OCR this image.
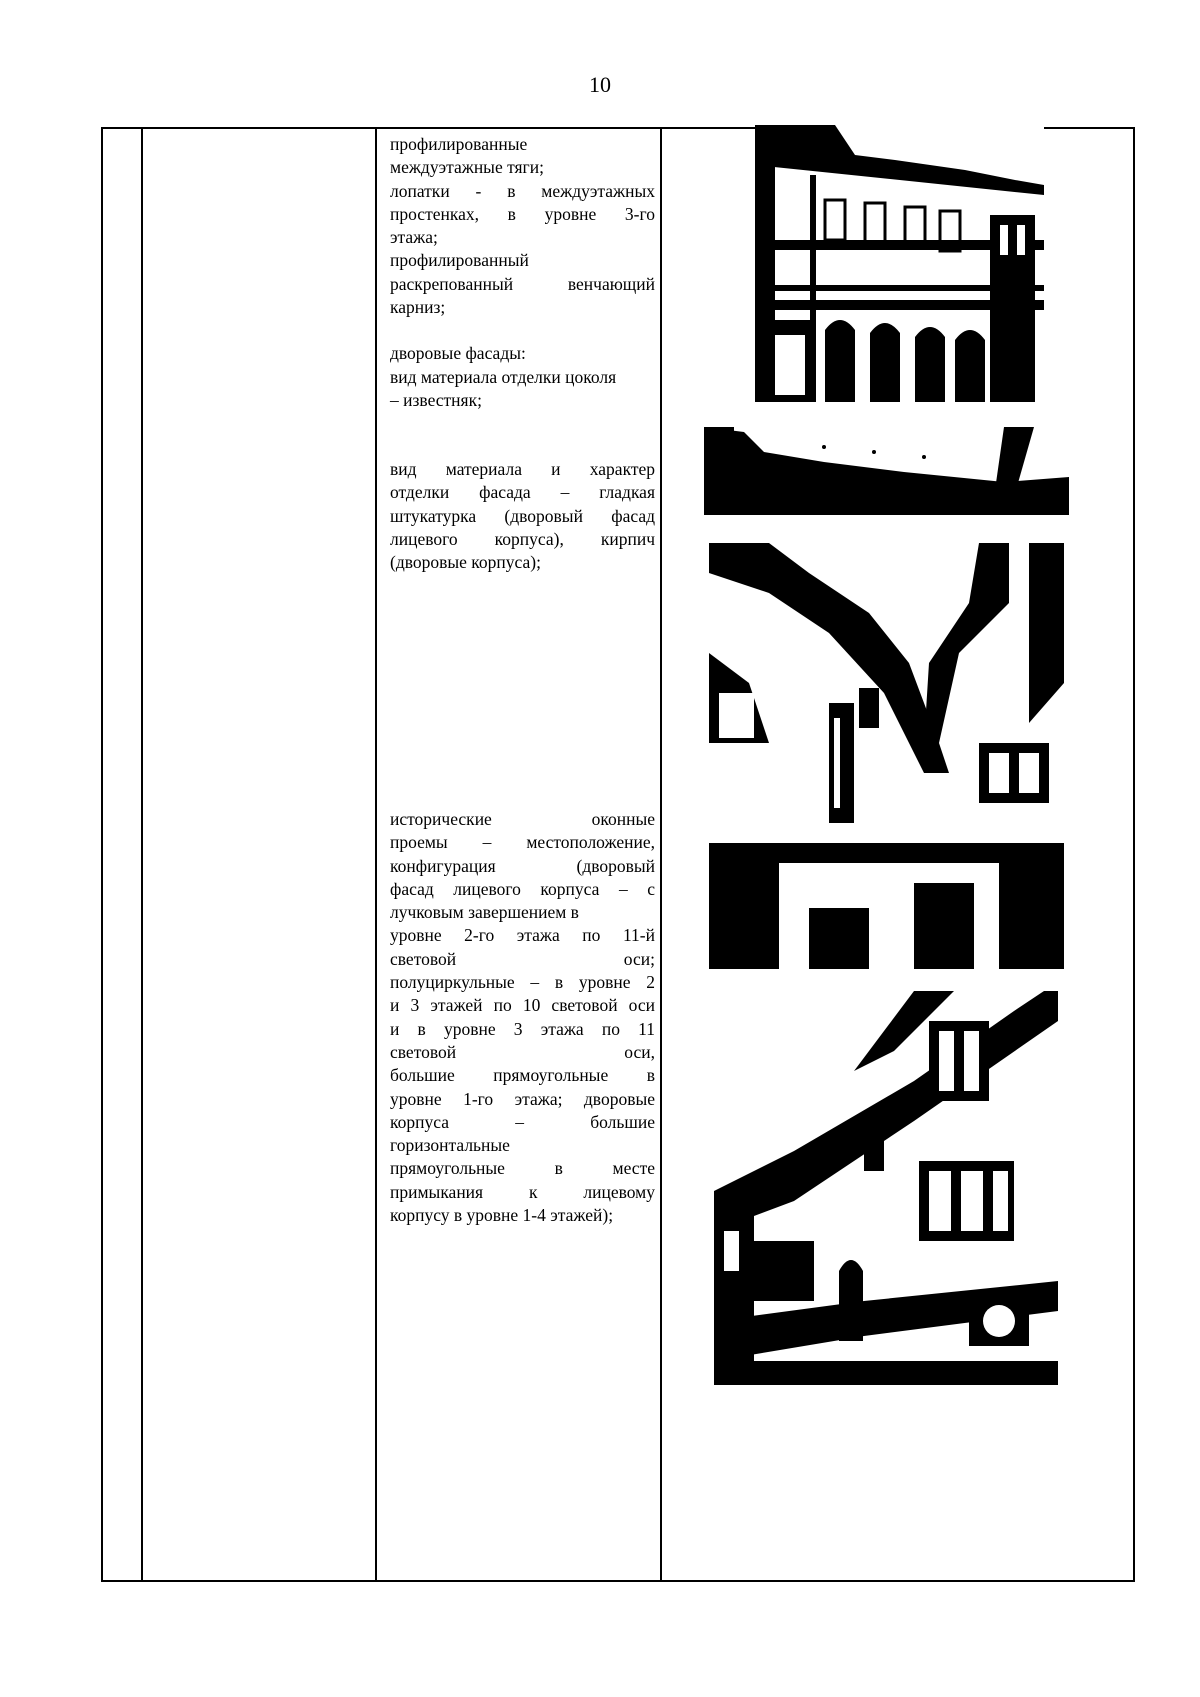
10

профилированные

междуэтажные тяги;

лопатки - в междуэтажных

простенках, в уровне 3-го

этажа;

профилированный

раскрепованный венчающий

карниз;

дворовые фасады:

вид материала отделки цоколя

– известняк;

вид материала и характер

отделки фасада – гладкая

штукатурка (дворовый фасад

лицевого корпуса), кирпич

(дворовые корпуса);

исторические оконные

проемы – местоположение,

конфигурация (дворовый

фасад лицевого корпуса – с

лучковым завершением в

уровне 2-го этажа по 11-й

световой оси;

полуциркульные – в уровне 2

и 3 этажей по 10 световой оси

и в уровне 3 этажа по 11

световой оси,

большие прямоугольные в

уровне 1-го этажа; дворовые

корпуса – большие

горизонтальные

прямоугольные в месте

примыкания к лицевому

корпусу в уровне 1-4 этажей);
